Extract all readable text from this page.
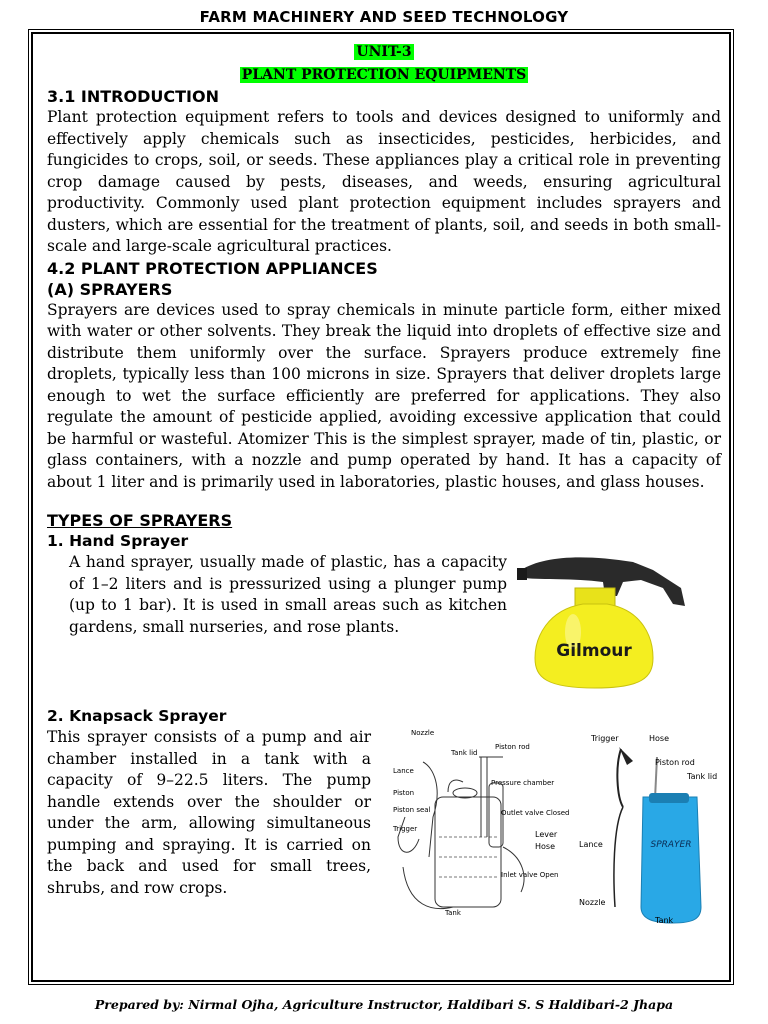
FARM MACHINERY AND SEED TECHNOLOGY
UNIT-3
PLANT PROTECTION EQUIPMENTS
3.1 INTRODUCTION

Plant protection equipment refers to tools and devices designed to uniformly and effectively apply chemicals such as insecticides, pesticides, herbicides, and fungicides to crops, soil, or seeds. These appliances play a critical role in preventing crop damage caused by pests, diseases, and weeds, ensuring agricultural productivity. Commonly used plant protection equipment includes sprayers and dusters, which are essential for the treatment of plants, soil, and seeds in both small-scale and large-scale agricultural practices.

4.2 PLANT PROTECTION APPLIANCES
(A) SPRAYERS

Sprayers are devices used to spray chemicals in minute particle form, either mixed with water or other solvents. They break the liquid into droplets of effective size and distribute them uniformly over the surface. Sprayers produce extremely fine droplets, typically less than 100 microns in size. Sprayers that deliver droplets large enough to wet the surface efficiently are preferred for applications. They also regulate the amount of pesticide applied, avoiding excessive application that could be harmful or wasteful. Atomizer This is the simplest sprayer, made of tin, plastic, or glass containers, with a nozzle and pump operated by hand. It has a capacity of about 1 liter and is primarily used in laboratories, plastic houses, and glass houses.

TYPES OF SPRAYERS
1. Hand Sprayer

A hand sprayer, usually made of plastic, has a capacity of 1–2 liters and is pressurized using a plunger pump (up to 1 bar). It is used in small areas such as kitchen gardens, small nurseries, and rose plants.

Gilmour
2. Knapsack Sprayer

This sprayer consists of a pump and air chamber installed in a tank with a capacity of 9–22.5 liters. The pump handle extends over the shoulder or under the arm, allowing simultaneous pumping and spraying. It is carried on the back and used for small trees, shrubs, and row crops.

Nozzle
Tank lid
Piston rod
Lance
Pressure chamber
Piston
Piston seal	Outlet valve Closed
Trigger
Lever
Hose
Inlet valve Open
Tank
SPRAYER
Trigger	Hose
Piston rod
Tank lid
Lance
Nozzle
Tank
Prepared by: Nirmal Ojha, Agriculture Instructor, Haldibari S. S Haldibari-2 Jhapa
